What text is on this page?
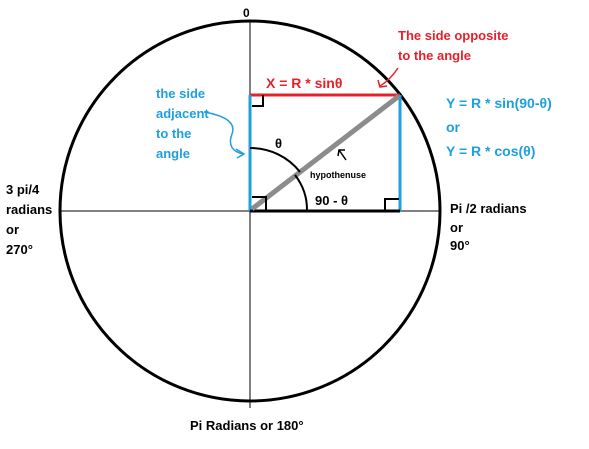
0
The side opposite
to the angle
X = R * sinθ
the side
adjacent
to the
angle
Y = R * sin(90-θ)
or
Y = R * cos(θ)
θ
hypothenuse
90 - θ
Pi /2 radians
or
90°
3 pi/4
radians
or
270°
Pi Radians or 180°
